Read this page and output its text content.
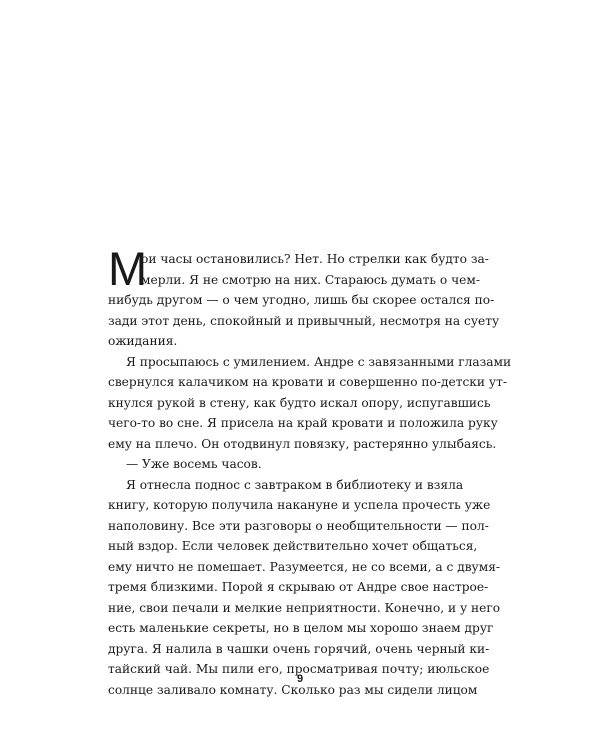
М
ои часы остановились? Нет. Но стрелки как будто за-
мерли. Я не смотрю на них. Стараюсь думать о чем-
нибудь другом — о чем угодно, лишь бы скорее остался по-
зади этот день, спокойный и привычный, несмотря на суету
ожидания.
Я просыпаюсь с умилением. Андре с завязанными глазами
свернулся калачиком на кровати и совершенно по-детски ут-
кнулся рукой в стену, как будто искал опору, испугавшись
чего-то во сне. Я присела на край кровати и положила руку
ему на плечо. Он отодвинул повязку, растерянно улыбаясь.
— Уже восемь часов.
Я отнесла поднос с завтраком в библиотеку и взяла
книгу, которую получила накануне и успела прочесть уже
наполовину. Все эти разговоры о необщительности — пол-
ный вздор. Если человек действительно хочет общаться,
ему ничто не помешает. Разумеется, не со всеми, а с двумя-
тремя близкими. Порой я скрываю от Андре свое настрое-
ние, свои печали и мелкие неприятности. Конечно, и у него
есть маленькие секреты, но в целом мы хорошо знаем друг
друга. Я налила в чашки очень горячий, очень черный ки-
тайский чай. Мы пили его, просматривая почту; июльское
солнце заливало комнату. Сколько раз мы сидели лицом
9
